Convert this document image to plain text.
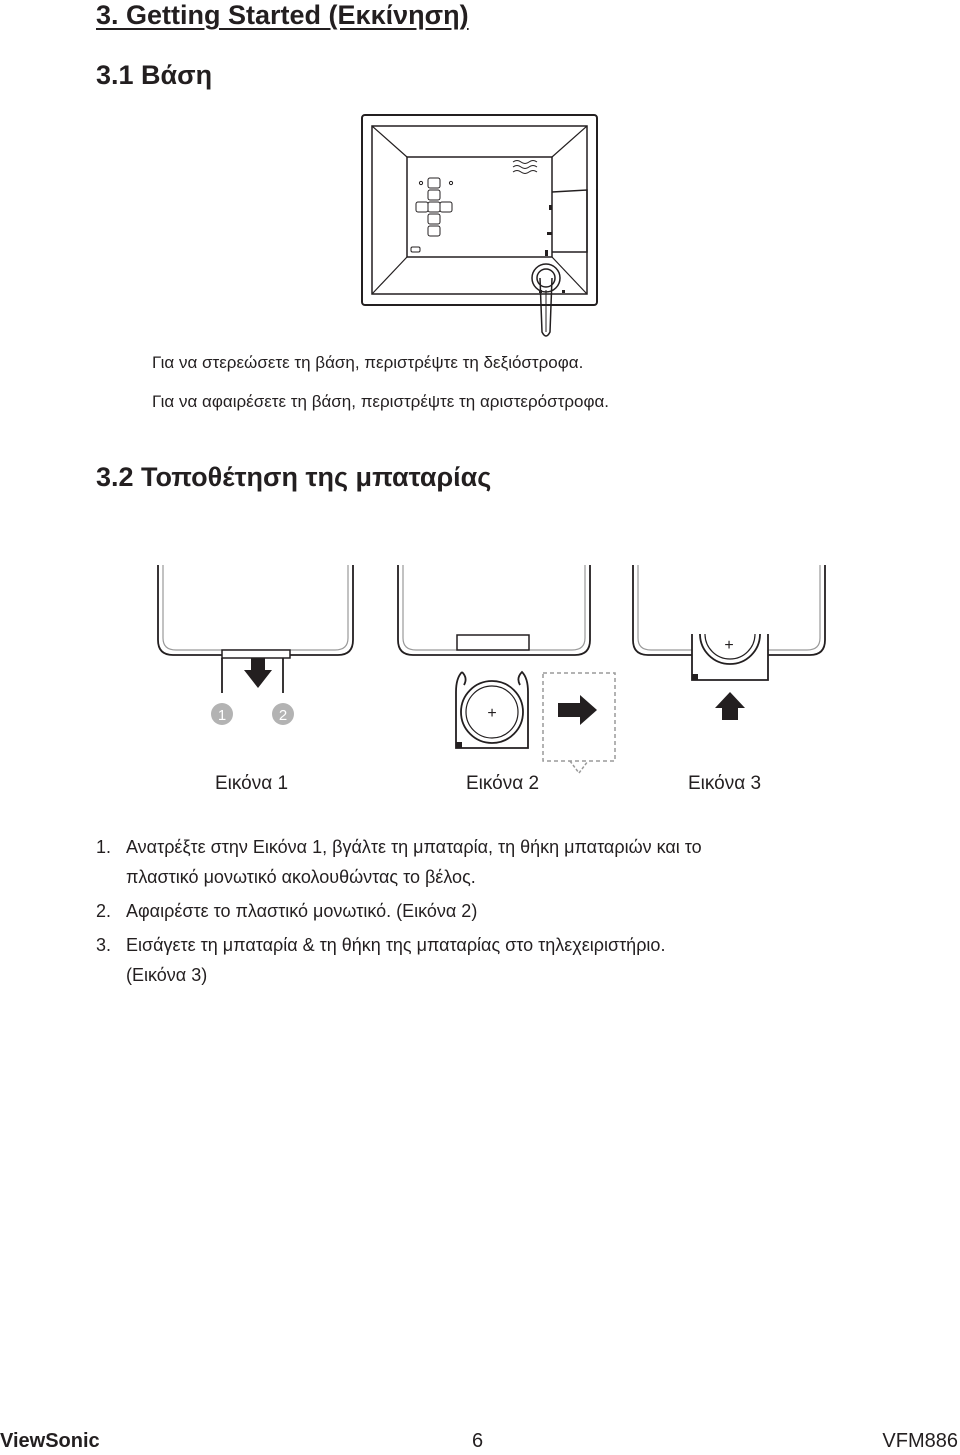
3. Getting Started (Εκκίνηση)
3.1 Βάση
Για να στερεώσετε τη βάση, περιστρέψτε τη δεξιόστροφα.
Για να αφαιρέσετε τη βάση, περιστρέψτε τη αριστερόστροφα.
3.2 Τοποθέτηση της μπαταρίας
1	2	+
+
Εικόνα 1	Εικόνα 2	Εικόνα 3
1. Ανατρέξτε στην Εικόνα 1, βγάλτε τη μπαταρία, τη θήκη μπαταριών και το
πλαστικό μονωτικό ακολουθώντας το βέλος.
2. Αφαιρέστε το πλαστικό μονωτικό. (Εικόνα 2)
3. Εισάγετε τη μπαταρία & τη θήκη της μπαταρίας στο τηλεχειριστήριο.
(Εικόνα 3)
ViewSonic	6	VFM886
